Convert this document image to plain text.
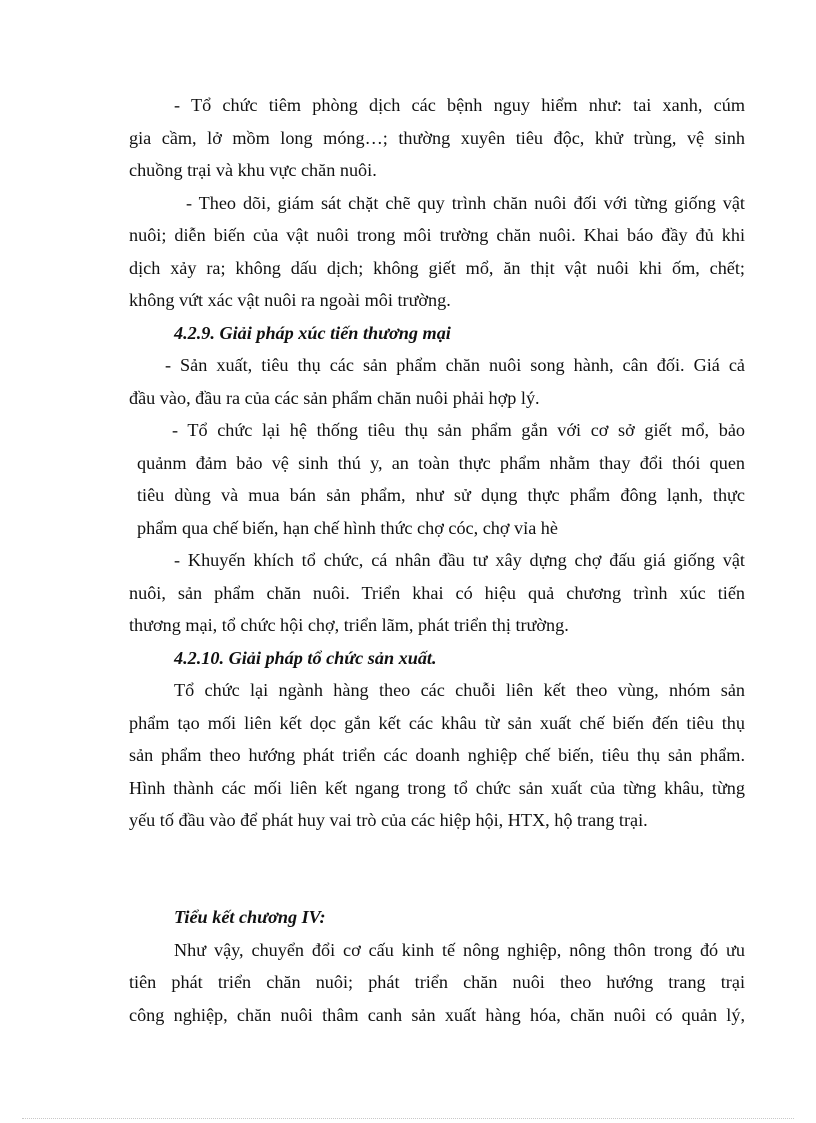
- Tổ chức tiêm phòng dịch các bệnh nguy hiểm như: tai xanh, cúm
gia cầm, lở mồm long móng…; thường xuyên tiêu độc, khử trùng, vệ sinh
chuồng trại và khu vực chăn nuôi.
- Theo dõi, giám sát chặt chẽ quy trình chăn nuôi đối với từng giống vật
nuôi; diễn biến của vật nuôi trong môi trường chăn nuôi. Khai báo đầy đủ khi
dịch xảy ra; không dấu dịch; không giết mổ, ăn thịt vật nuôi khi ốm, chết;
không vứt xác vật nuôi ra ngoài môi trường.
4.2.9. Giải pháp xúc tiến thương mại
- Sản xuất, tiêu thụ các sản phẩm chăn nuôi song hành, cân đối. Giá cả
đầu vào, đầu ra của các sản phẩm chăn nuôi phải hợp lý.
- Tổ chức lại hệ thống tiêu thụ sản phẩm gắn với cơ sở giết mổ, bảo
quảnm đảm bảo vệ sinh thú y, an toàn thực phẩm nhằm thay đổi thói quen
tiêu dùng và mua bán sản phẩm, như sử dụng thực phẩm đông lạnh, thực
phẩm qua chế biến, hạn chế hình thức chợ cóc, chợ vỉa hè
- Khuyến khích tổ chức, cá nhân đầu tư xây dựng chợ đấu giá giống vật
nuôi, sản phẩm chăn nuôi. Triển khai có hiệu quả chương trình xúc tiến
thương mại, tổ chức hội chợ, triển lãm, phát triển thị trường.
4.2.10. Giải pháp tổ chức sản xuất.
Tổ chức lại ngành hàng theo các chuỗi liên kết theo vùng, nhóm sản
phẩm tạo mối liên kết dọc gắn kết các khâu từ sản xuất chế biến đến tiêu thụ
sản phẩm theo hướng phát triển các doanh nghiệp chế biến, tiêu thụ sản phẩm.
Hình thành các mối liên kết ngang trong tổ chức sản xuất của từng khâu, từng
yếu tố đầu vào để phát huy vai trò của các hiệp hội, HTX, hộ trang trại.
Tiểu kết chương IV:
Như vậy, chuyển đổi cơ cấu kinh tế nông nghiệp, nông thôn trong đó ưu
tiên phát triển chăn nuôi; phát triển chăn nuôi theo hướng trang trại
công nghiệp, chăn nuôi thâm canh sản xuất hàng hóa, chăn nuôi có quản lý,
